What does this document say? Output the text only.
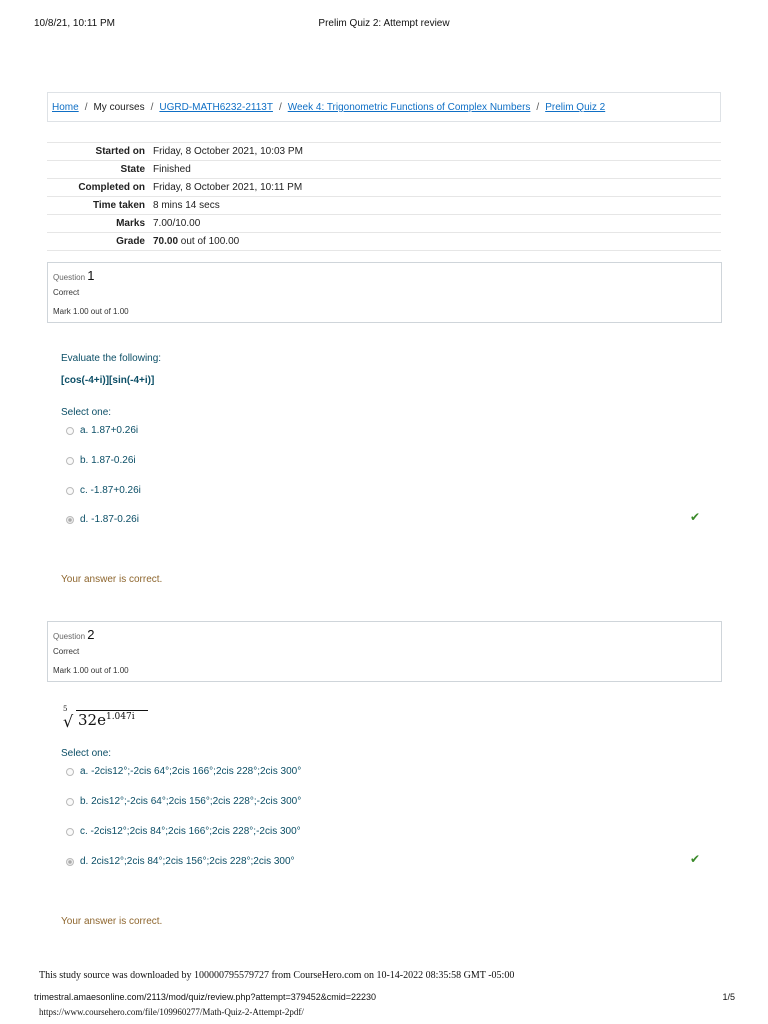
10/8/21, 10:11 PM	Prelim Quiz 2: Attempt review
Home / My courses / UGRD-MATH6232-2113T / Week 4: Trigonometric Functions of Complex Numbers / Prelim Quiz 2
Started on	Friday, 8 October 2021, 10:03 PM
State	Finished
Completed on	Friday, 8 October 2021, 10:11 PM
Time taken	8 mins 14 secs
Marks	7.00/10.00
Grade	70.00 out of 100.00
Question 1
Correct
Mark 1.00 out of 1.00
Evaluate the following:
[cos(-4+i)][sin(-4+i)]
Select one:
a. 1.87+0.26i
b. 1.87-0.26i
c. -1.87+0.26i
d. -1.87-0.26i	✔
Your answer is correct.
Question 2
Correct
Mark 1.00 out of 1.00
5
√ $32e^{1.047i}$
Select one:
a. -2cis12°;-2cis 64°;2cis 166°;2cis 228°;2cis 300°
b. 2cis12°;-2cis 64°;2cis 156°;2cis 228°;-2cis 300°
c. -2cis12°;2cis 84°;2cis 166°;2cis 228°;-2cis 300°
d. 2cis12°;2cis 84°;2cis 156°;2cis 228°;2cis 300°	✔
Your answer is correct.
This study source was downloaded by 100000795579727 from CourseHero.com on 10-14-2022 08:35:58 GMT -05:00
trimestral.amaesonline.com/2113/mod/quiz/review.php?attempt=379452&cmid=22230	1/5
https://www.coursehero.com/file/109960277/Math-Quiz-2-Attempt-2pdf/
